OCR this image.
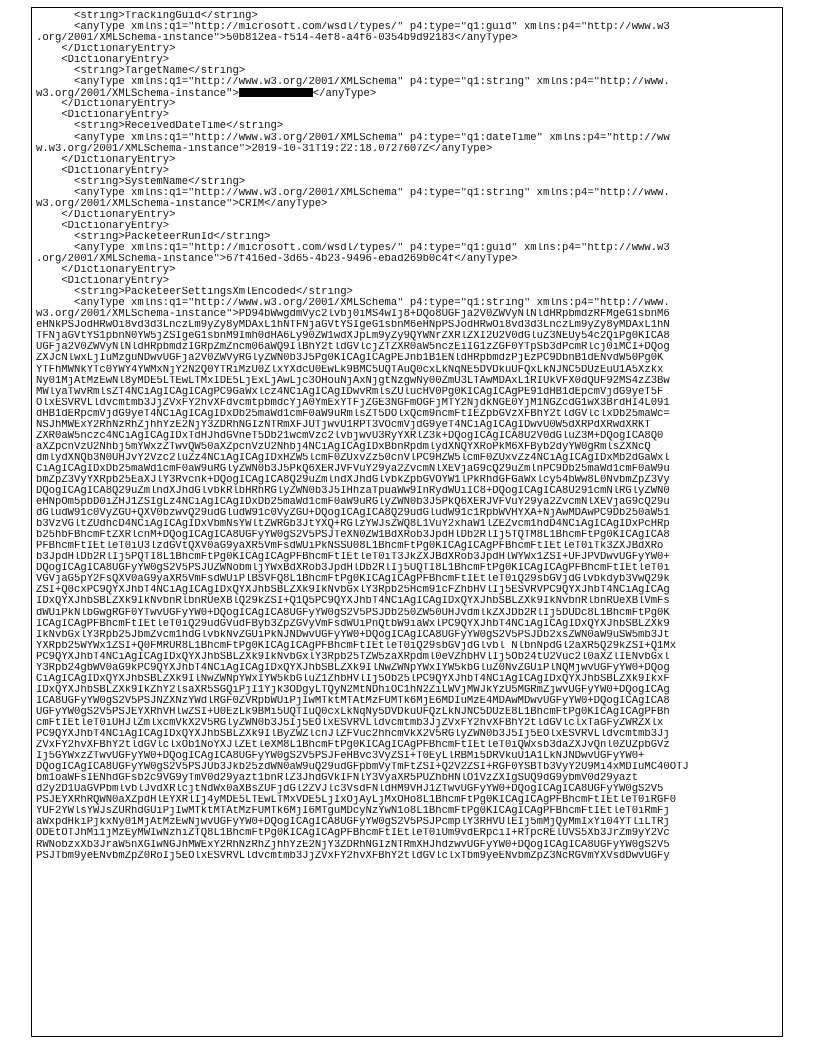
<string>TrackingGuid</string>
<anyType xmlns:q1="http://microsoft.com/wsdl/types/" p4:type="q1:guid" xmlns:p4="http://www.w3
.org/2001/XMLSchema-instance">50b812ea-f514-4ef8-a4f6-0354b9d92183</anyType>
</DictionaryEntry>
<DictionaryEntry>
<string>TargetName</string>
<anyType xmlns:q1="http://www.w3.org/2001/XMLSchema" p4:type="q1:string" xmlns:p4="http://www.
w3.org/2001/XMLSchema-instance">	</anyType>
</DictionaryEntry>
<DictionaryEntry>
<string>ReceivedDateTime</string>
<anyType xmlns:q1="http://www.w3.org/2001/XMLSchema" p4:type="q1:dateTime" xmlns:p4="http://ww
w.w3.org/2001/XMLSchema-instance">2019-10-31T19:22:18.0727607Z</anyType>
</DictionaryEntry>
<DictionaryEntry>
<string>SystemName</string>
<anyType xmlns:q1="http://www.w3.org/2001/XMLSchema" p4:type="q1:string" xmlns:p4="http://www.
w3.org/2001/XMLSchema-instance">CRIM</anyType>
</DictionaryEntry>
<DictionaryEntry>
<string>PacketeerRunId</string>
<anyType xmlns:q1="http://microsoft.com/wsdl/types/" p4:type="q1:guid" xmlns:p4="http://www.w3
.org/2001/XMLSchema-instance">67f416ed-3d65-4b23-9496-ebad269b0c4f</anyType>
</DictionaryEntry>
<DictionaryEntry>
<string>PacketeerSettingsXmlEncoded</string>
<anyType xmlns:q1="http://www.w3.org/2001/XMLSchema" p4:type="q1:string" xmlns:p4="http://www.
w3.org/2001/XMLSchema-instance">PD94bWwgdmVyc2lvbj0iMS4wIj8+DQo8UGFja2V0ZWVyNlNldHRpbmdzRFMgeG1sbnM6
eHNkPSJodHRwOi8vd3d3LnczLm9yZy8yMDAxL1hNTFNjaGVtYSIgeG1sbnM6eHNpPSJodHRwOi8vd3d3LnczLm9yZy8yMDAxL1hN
TFNjaGVtYS1pbnN0YW5jZSIgeG1sbnM9Imh0dHA6Ly90ZW1wdXJpLm9yZy9QYWNrZXRlZXI2U2V0dGluZ3NEUy54c2QiPg0KICA8
UGFja2V0ZWVyNlNldHRpbmdzIGRpZmZncm06aWQ9IlBhY2tldGVlcjZTZXR0aW5nczEiIG1zZGF0YTpSb3dPcmRlcj0iMCI+DQog
ZXJcNlwxLjIuMzguNDwvUGFja2V0ZWVyRGlyZWN0b3J5Pg0KICAgICAgPEJnb1B1ENldHRpbmdzPjEzPC9DbnB1dENvdW50Pg0K
YTFhMWNkYTc0YWY4YWMxNjY2N2Q0YTRiMzU0ZlxYXdcU0EwLk9BMC5UQTAuQ0cxLkNqNE5DVDkuUFQxLkNJNC5DUzEuU1A5Xzkx
Ny01MjAtMzEwNl8yMDE5LTEwLTMxIDE5LjExLjAwLjc3OHouNjAxNjgtNzgwNy00ZmU3LTAwMDAxL1RIUkVFX0dQUF92MS4zZ3Bw
MWlyaTwvRmlsZT4NCiAgICAgICAgPC9GaWxlcz4NCiAgICAgIDwvRmlsZUlucHV0Pg0KICAgICAgPE91dHB1dEpcmVjdG9yeT5F
OlxESVRVLldvcmtmb3JjZVxFY2hvXFdvcmtpbmdcYjA0YmExYTFjZGE3NGFmOGFjMTY2NjdkNGE0YjM1NGZcdG1wX3BrdHI4L091
dHB1dERpcmVjdG9yeT4NCiAgICAgIDxDb25maWd1cmF0aW9uRmlsZT5DOlxQcm9ncmFtIEZpbGVzXFBhY2tldGVlclxDb25maWc=
NSJhMWExY2RhNzRhZjhhYzE2NjY3ZDRhNGIzNTRmXFJUTjwvU1RPT3VOcmVjdG9yeT4NCiAgICAgIDwvU0W5dXRPdXRwdXRKT
ZXR0aW5nczc4NCiAgICAgIDxTdHJhdGVneT5Db21wcmVzc2lvbjwvU3RyYXRlZ3k+DQogICAgICA8U2V0dGluZ3M+DQogICA8Q0
aXZpcnVzU2Nhbj5mYWxzZTwvQW50aXZpcnVzU2Nhbj4NCiAgICAgIDxBbnRpdmlydXNQYXRoPkM6XFByb2dyYW0gRmlsZXNcQ
dmlydXNQb3N0UHJvY2Vzc2luZz4NCiAgICAgIDxHZW5lcmF0ZUxvZz50cnVlPC9HZW5lcmF0ZUxvZz4NCiAgICAgIDxMb2dGaWxl
CiAgICAgIDxDb25maWd1cmF0aW9uRGlyZWN0b3J5PkQ6XERJVFVuY29ya2ZvcmNlXEVjaG9cQ29uZmlnPC9Db25maWd1cmF0aW9u
bmZpZ3VyYXRpb25EaXJlY3Rvcnk+DQogICAgICA8Q29uZmlndXJhdGlvbkZpbGVOYW1lPkRhdGFGaWxlcy54bWw8L0NvbmZpZ3Vy
DQogICAgICA8Q29uZmlndXJhdGlvbkRlbHRhRGlyZWN0b3J5IHhzaTpuaWw9InRydWUiIC8+DQogICAgICA8U291cmNlRGlyZWN0
eHNpOm5pbD0iZHJ1ZSIgLz4NCiAgICAgIDxDb25maWd1cmF0aW9uRGlyZWN0b3J5PkQ6XERJVFVuY29ya2ZvcmNlXEVjaG9cQ29u
dGludW91c0VyZGU+QXV0bzwvQ29udGludW91c0VyZGU+DQogICAgICA8Q29udGludW91c1RpbWVHYXA+NjAwMDAwPC9Db250aW51
b3VzVGltZUdhcD4NCiAgICAgIDxVbmNsYWltZWRGb3JtYXQ+RGlzYWJsZWQ8L1VuY2xhaW1lZEZvcm1hdD4NCiAgICAgIDxPcHRp
b25hbFBhcmFtZXRlcnM+DQogICAgICA8UGFyYW0gS2V5PSJTeXN0ZW1BdXRob3JpdHlDb2RlIj5TQTM8L1BhcmFtPg0KICAgICA8
PFBhcmFtIEtleT0iU3lzdGVtQXV0aG9yaXR5VmFsdWUiPkNSSU08L1BhcmFtPg0KICAgICAgPFBhcmFtIEtleT0iTk3ZXJBdXRo
b3JpdHlDb2RlIj5PQTI8L1BhcmFtPg0KICAgICAgPFBhcmFtIEtleT0iT3JkZXJBdXRob3JpdHlWYWx1ZSI+UFJPVDwvUGFyYW0+
DQogICAgICA8UGFyYW0gS2V5PSJUZWNobmljYWxBdXRob3JpdHlDb2RlIj5UQTI8L1BhcmFtPg0KICAgICAgPFBhcmFtIEtleT0i
VGVjaG5pY2FsQXV0aG9yaXR5VmFsdWUiPlBSVFQ8L1BhcmFtPg0KICAgICAgPFBhcmFtIEtleT0iQ29sbGVjdGlvbkdyb3VwQ29k
ZSI+Q0cxPC9QYXJhbT4NCiAgICAgIDxQYXJhbSBLZXk9IkNvbGxlY3Rpb25Hcm91cFZhbHVlIj5ESVRVPC9QYXJhbT4NCiAgICAg
IDxQYXJhbSBLZXk9IkNvbnRlbnRUeXBlQ29kZSI+Q1Q5PC9QYXJhbT4NCiAgICAgIDxQYXJhbSBLZXk9IkNvbnRlbnRUeXBlVmFs
dWUiPkNlbGwgRGF0YTwvUGFyYW0+DQogICAgICA8UGFyYW0gS2V5PSJDb250ZW50UHJvdmlkZXJDb2RlIj5DUDc8L1BhcmFtPg0K
ICAgICAgPFBhcmFtIEtleT0iQ29udGVudFByb3ZpZGVyVmFsdWUiPnQtbW9iaWxlPC9QYXJhbT4NCiAgICAgIDxQYXJhbSBLZXk9
IkNvbGxlY3Rpb25JbmZvcm1hdGlvbkNvZGUiPkNJNDwvUGFyYW0+DQogICAgICA8UGFyYW0gS2V5PSJDb2xsZWN0aW9uSW5mb3Jt
YXRpb25WYWx1ZSI+Q0FMRUR8L1BhcmFtPg0KICAgICAgPFBhcmFtIEtleT0iQ29sbGVjdGlvbl NlbnNpdGl2aXR5Q29kZSI+Q1Mx
PC9QYXJhbT4NCiAgICAgIDxQYXJhbSBLZXk9IkNvbGxlY3Rpb25TZW5zaXRpdml0eVZhbHVlIj5Ob24tU2Vuc2l0aXZlIENvbGxl
Y3Rpb24gbWV0aG9kPC9QYXJhbT4NCiAgICAgIDxQYXJhbSBLZXk9IlNwZWNpYWxIYW5kbGluZ0NvZGUiPlNQMjwvUGFyYW0+DQog
CiAgICAgIDxQYXJhbSBLZXk9IlNwZWNpYWxIYW5kbGluZ1ZhbHVlIj5Ob25lPC9QYXJhbT4NCiAgICAgIDxQYXJhbSBLZXk9IkxF
IDxQYXJhbSBLZXk9IkZhY2lsaXR5SGQiPjI1Yjk3ODgyLTQyN2MtNDhiOC1hN2ZiLWVjMWJkYzU5MGRmZjwvUGFyYW0+DQogICAg
ICA8UGFyYW0gS2V5PSJNZXNzYWdlRGF0ZVRpbWUiPjIwMTktMTAtMzFUMTk6MjE6MDIuMzE4MDAwMDwvUGFyYW0+DQogICAgICA8
UGFyYW0gS2V5PSJEYXRhVHlwZSI+U0EzLk9BMi5UQTIuQ0cxLkNqNy5DVDkuUFQzLkNJNC5DUzE8L1BhcmFtPg0KICAgICAgPFBh
cmFtIEtleT0iUHJlZmlxcmVkX2V5RGlyZWN0b3J5Ij5EOlxESVRVLldvcmtmb3JjZVxFY2hvXFBhY2tldGVlclxTaGFyZWRZXlx
PC9QYXJhbT4NCiAgICAgIDxQYXJhbSBLZXk9IlByZWZlcnJlZFVuc2hhcmVkX2V5RGlyZWN0b3J5Ij5EOlxESVRVLldvcmtmb3Jj
ZVxFY2hvXFBhY2tldGVlclxOb1NoYXJlZEtleXM8L1BhcmFtPg0KICAgICAgPFBhcmFtIEtleT0iQWxsb3daZXJvQnl0ZUZpbGVz
Ij5GYWxzZTwvUGFyYW0+DQogICAgICA8UGFyYW0gS2V5PSJFeHBvc3VyZSI+T0EyLlRBMi5DRVkuU1A1LkNJNDwvUGFyYW0+
DQogICAgICA8UGFyYW0gS2V5PSJUb3Jkb25zdWN0aW9uQ29udGFpbmVyTmFtZSI+Q2V2ZSI+RGF0YSBTb3VyY2U9Mi4xMDIuMC40OTJ
bm1oaWFsIENhdGFsb2c9VG9yTmV0d29yazt1bnRlZ3JhdGVkIFNlY3VyaXR5PUZhbHNlO1VzZXIgSUQ9dG9ybmV0d29yazt
d2y2D1UaGVPbmlvblJvdXRlcjtNdWx0aXBsZUFjdGl2ZVJlc3VsdFNldHM9VHJ1ZTwvUGFyYW0+DQogICAgICA8UGFyYW0gS2V5
PSJEYXRhRQWN0aXZpdHlEYXRlIj4yMDE5LTEwLTMxVDE5LjIxOjAyLjMxOHo8L1BhcmFtPg0KICAgICAgPFBhcmFtIEtleT0iRGF0
YUF2YWlsYWJsZURhdGUiPjIwMTktMTAtMzFUMTk6MjI6MTguMDcyNzYwN1o8L1BhcmFtPg0KICAgICAgPFBhcmFtIEtleT0iRmFj
aWxpdHkiPjkxNy01MjAtMzEwNjwvUGFyYW0+DQogICAgICA8UGFyYW0gS2V5PSJPcmplY3RHVUlEIj5mMjQyMmIxYi04YTliLTRj
ODEtOTJhMi1jMzEyMWIwNzhiZTQ8L1BhcmFtPg0KICAgICAgPFBhcmFtIEtleT0iUm9vdERpciI+RTpcRElUVS5Xb3JrZm9yY2Vc
RWNobzxXb3JraW5nXGIwNGJhMWExY2RhNzRhZjhhYzE2NjY3ZDRhNGIzNTRmXHJhdzwvUGFyYW0+DQogICAgICA8UGFyYW0gS2V5
PSJTbm9yeENvbmZpZ0RoIj5EOlxESVRVLldvcmtmb3JjZVxFY2hvXFBhY2tldGVlclxTbm9yeENvbmZpZ3NcRGVmYXVsdDwvUGFy
